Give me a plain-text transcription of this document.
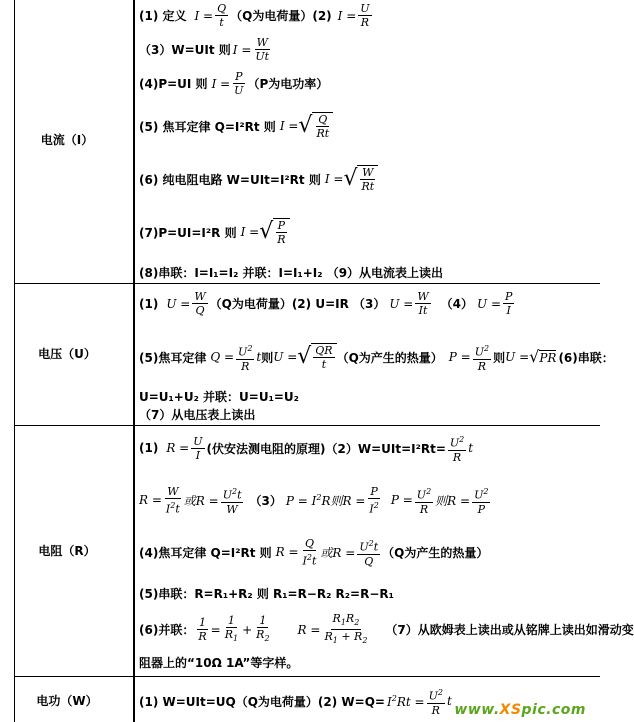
电流（I）
电压（U）
电阻（R）
电功（W）
(1) 定义 $I = \frac{Q}{t} (Q$为电荷量）(2) $I = \frac{U}{R}$
（3）W=UIt 则 $I = \frac{W}{Ut}$
(4)P=UI 则 $I = \frac{P}{U} (P$为电功率）
(5) 焦耳定律 Q=I²Rt 则 I = √ $\frac{Q}{Rt}$
(6) 纯电阻电路 W=UIt=I²Rt 则 I = √ $\frac{W}{Rt}$
(7)P=UI=I²R 则 I = √ $\frac{P}{R}$
(8)串联：I=I₁=I₂ 并联：I=I₁+I₂ （9）从电流表上读出
(1) $U = \frac{W}{Q} (Q$为电荷量）(2) U=IR （3） $U = \frac{W}{It} (4) U = \frac{P}{I}$
(5)焦耳定律 $Q = \frac{U^2}{R}$ t 则 U = √ $\frac{QR}{t} (Q$为产生的热量） $P = \frac{U^2}{R}$ 则 U = √ PR (6)串联：
U=U₁+U₂ 并联：U=U₁=U₂
（7）从电压表上读出
(1) $R = \frac{U}{I}$ (伏安法测电阻的原理)$(2)W=UIt=I^2Rt= \frac{U^2}{R}$ t
$R = \frac{W}{I^2t}$ 或$R = \frac{U^2t}{W} (3) P = I^2R$则$R = \frac{P}{I^2}$ $P = \frac{U^2}{R}$ 则$R = \frac{U^2}{P}$
(4)焦耳定律 Q=I²Rt 则 $R = \frac{Q}{I^2t}$ 或$R = \frac{U^2t}{Q} (Q$为产生的热量）
(5)串联：R=R₁+R₂ 则 R₁=R−R₂ R₂=R−R₁
(6)并联： $\frac{1}{R} = \frac{1}{R_1} + \frac{1}{R_2}$ $R = \frac{R_1R_2}{R_1 + R_2} (7)$从欧姆表上读出或从铭牌上读出如滑动变
阻器上的“10Ω 1A”等字样。
(1) W=UIt=UQ（Q为电荷量）(2) $W=Q= I^2Rt = \frac{U^2}{R}$ t
www.XSpic.com
